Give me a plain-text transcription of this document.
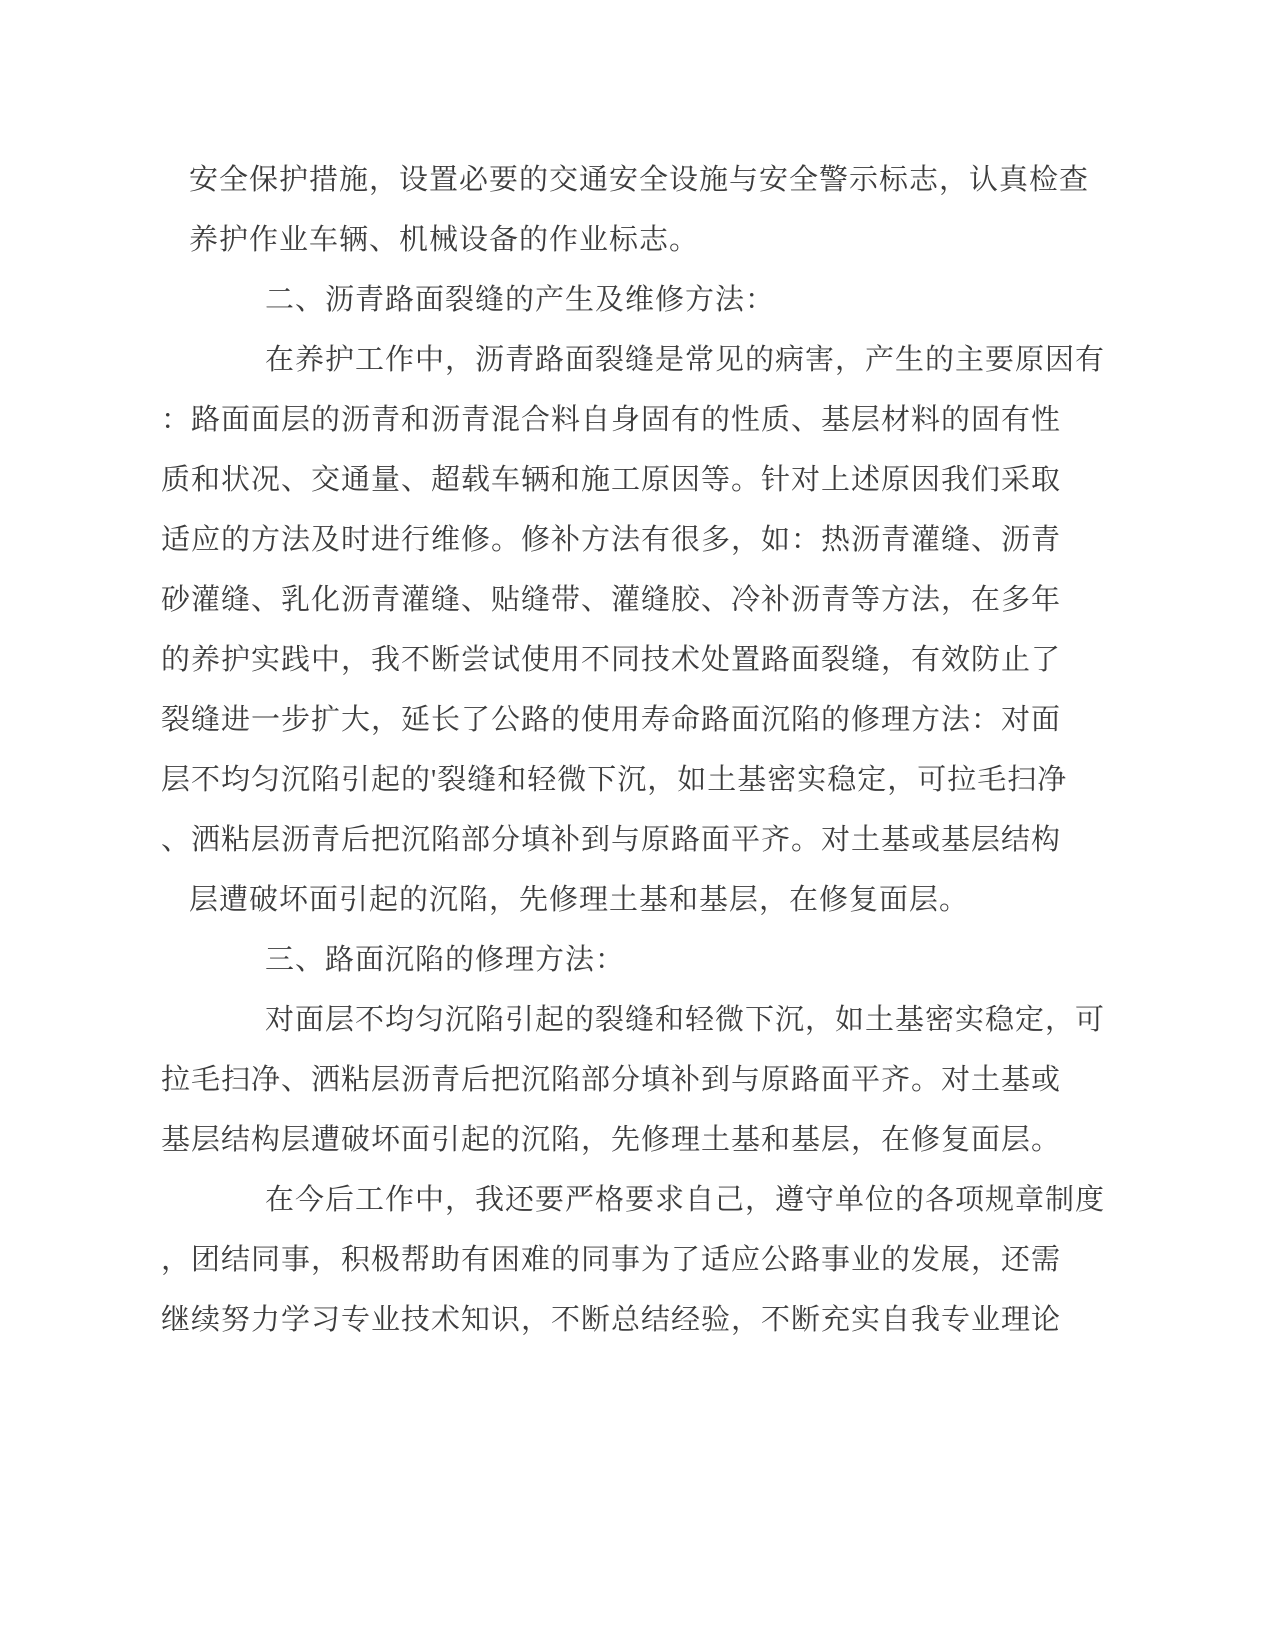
安全保护措施，设置必要的交通安全设施与安全警示标志，认真检查
养护作业车辆、机械设备的作业标志。
二、沥青路面裂缝的产生及维修方法：
在养护工作中，沥青路面裂缝是常见的病害，产生的主要原因有
：路面面层的沥青和沥青混合料自身固有的性质、基层材料的固有性
质和状况、交通量、超载车辆和施工原因等。针对上述原因我们采取
适应的方法及时进行维修。修补方法有很多，如：热沥青灌缝、沥青
砂灌缝、乳化沥青灌缝、贴缝带、灌缝胶、冷补沥青等方法，在多年
的养护实践中，我不断尝试使用不同技术处置路面裂缝，有效防止了
裂缝进一步扩大，延长了公路的使用寿命路面沉陷的修理方法：对面
层不均匀沉陷引起的'裂缝和轻微下沉，如土基密实稳定，可拉毛扫净
、洒粘层沥青后把沉陷部分填补到与原路面平齐。对土基或基层结构
层遭破坏面引起的沉陷，先修理土基和基层，在修复面层。
三、路面沉陷的修理方法：
对面层不均匀沉陷引起的裂缝和轻微下沉，如土基密实稳定，可
拉毛扫净、洒粘层沥青后把沉陷部分填补到与原路面平齐。对土基或
基层结构层遭破坏面引起的沉陷，先修理土基和基层，在修复面层。
在今后工作中，我还要严格要求自己，遵守单位的各项规章制度
，团结同事，积极帮助有困难的同事为了适应公路事业的发展，还需
继续努力学习专业技术知识，不断总结经验，不断充实自我专业理论
